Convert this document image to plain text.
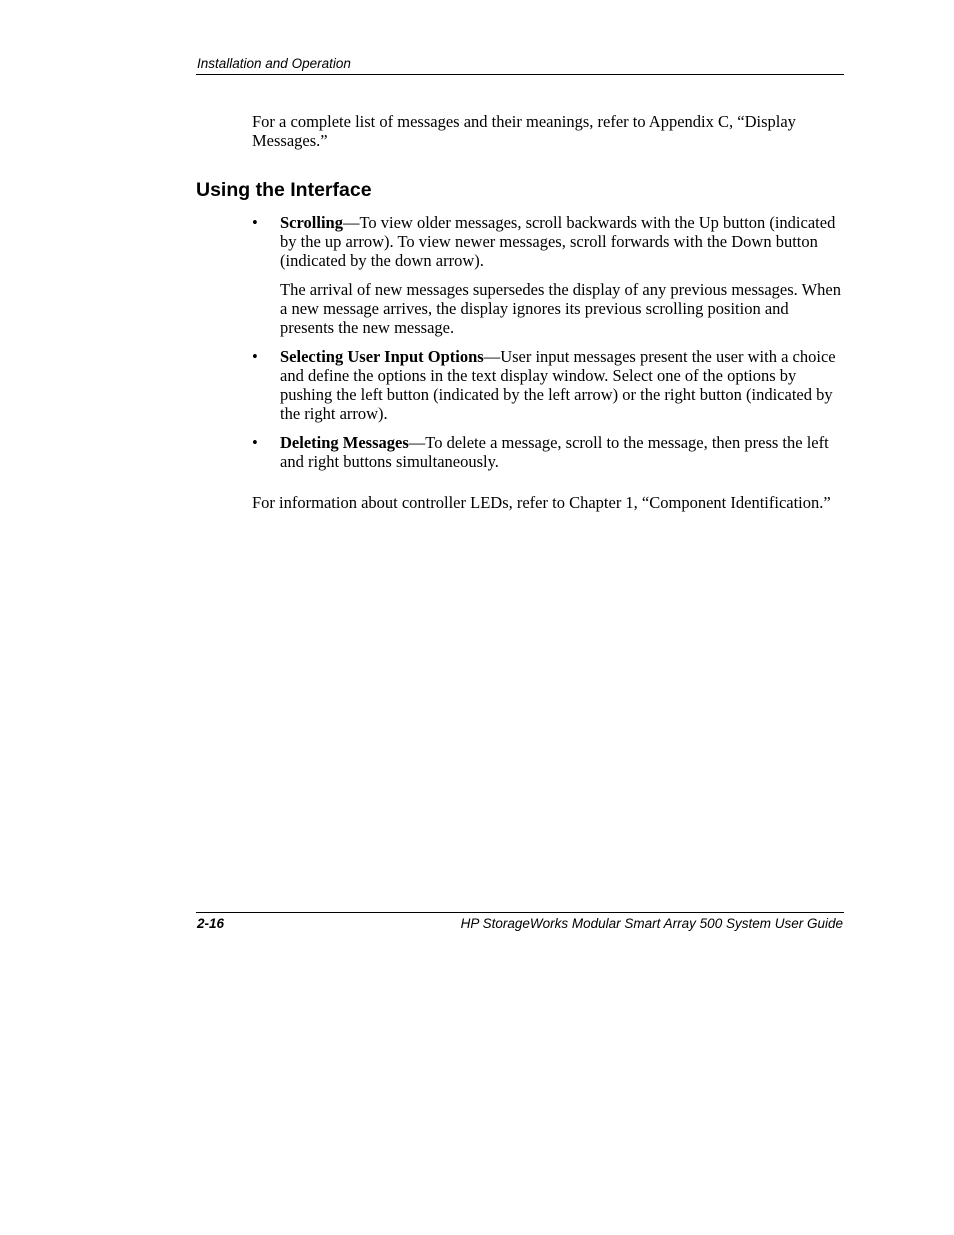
Installation and Operation

For a complete list of messages and their meanings, refer to Appendix C, “Display Messages.”

Using the Interface
•	Scrolling—To view older messages, scroll backwards with the Up button (indicated by the up arrow). To view newer messages, scroll forwards with the Down button (indicated by the down arrow).

The arrival of new messages supersedes the display of any previous messages. When a new message arrives, the display ignores its previous scrolling position and presents the new message.

•	Selecting User Input Options—User input messages present the user with a choice and define the options in the text display window. Select one of the options by pushing the left button (indicated by the left arrow) or the right button (indicated by the right arrow).

•	Deleting Messages—To delete a message, scroll to the message, then press the left and right buttons simultaneously.

For information about controller LEDs, refer to Chapter 1, “Component Identification.”

2-16	HP StorageWorks Modular Smart Array 500 System User Guide
